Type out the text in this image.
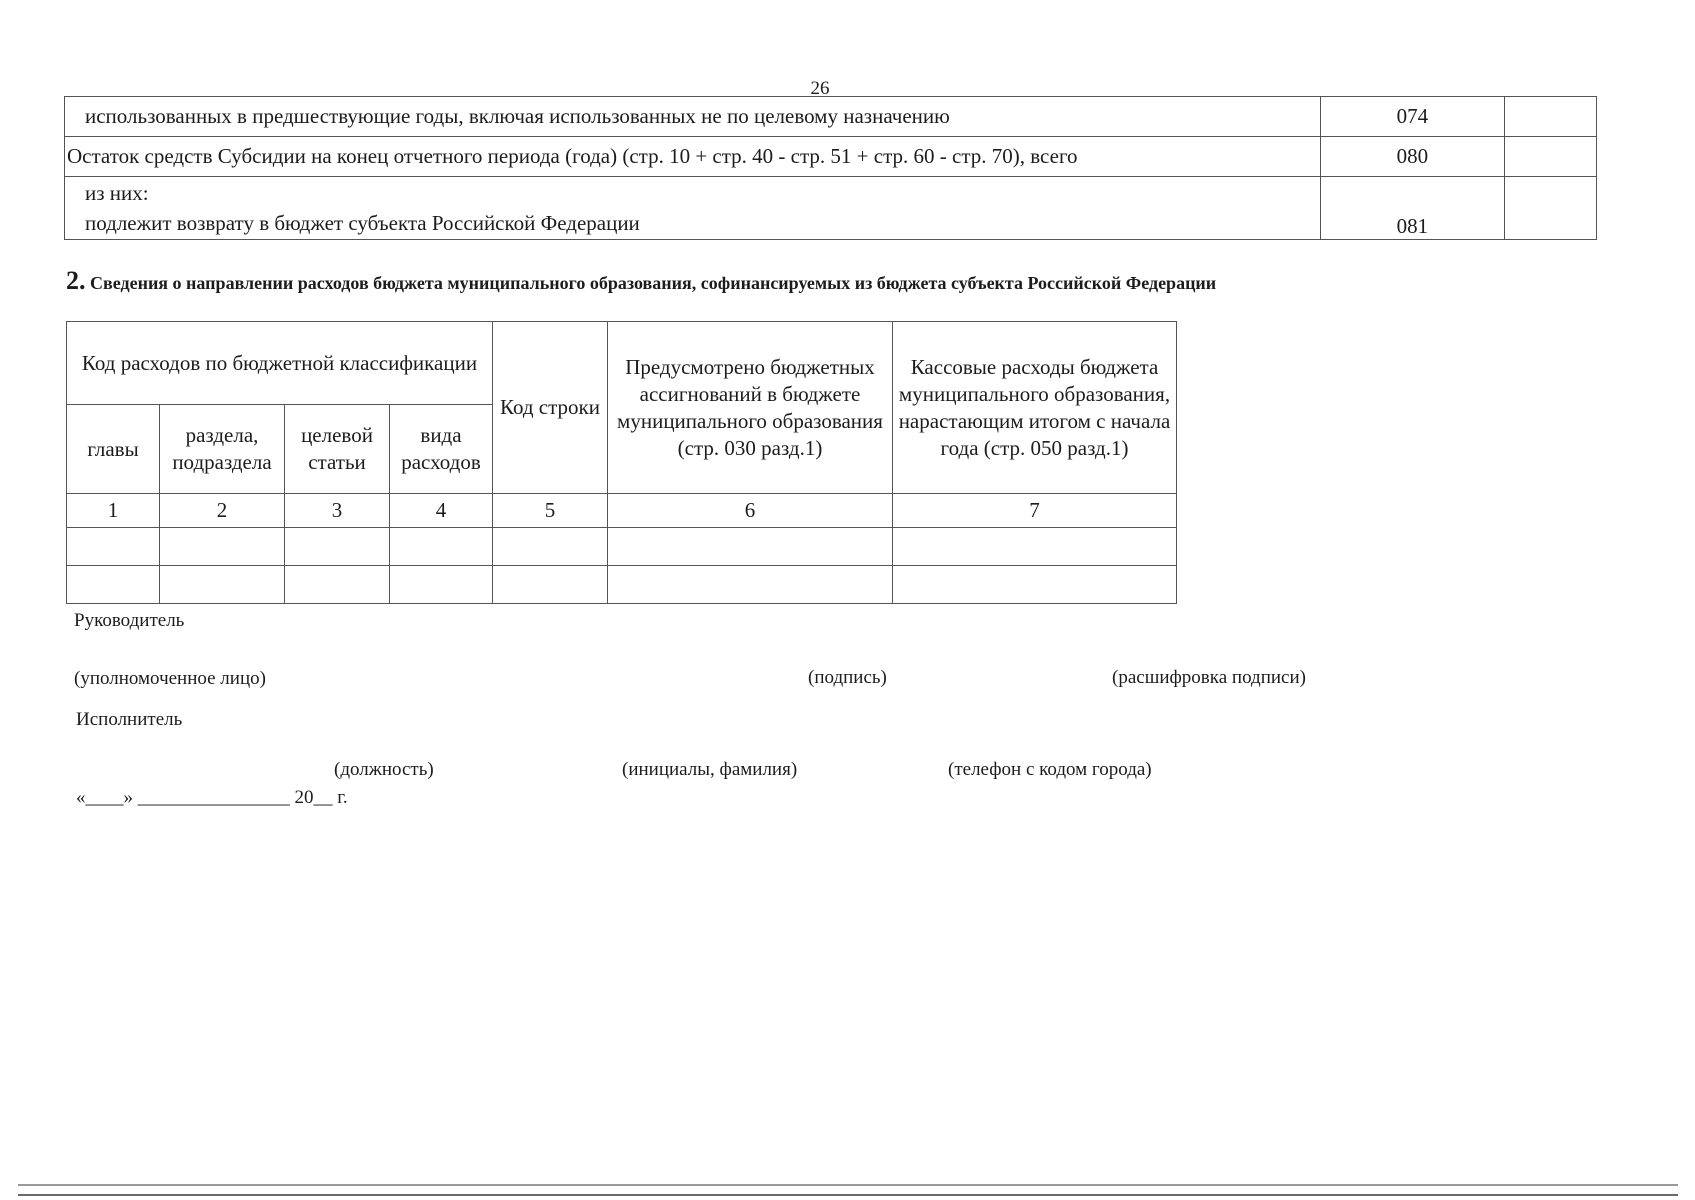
26
использованных в предшествующие годы, включая использованных не по целевому назначению	074	
Остаток средств Субсидии на конец отчетного периода (года) (стр. 10 + стр. 40 - стр. 51 + стр. 60 - стр. 70), всего	080	

из них:
подлежит возврату в бюджет субъекта Российской Федерации	081	
2. Сведения о направлении расходов бюджета муниципального образования, софинансируемых из бюджета субъекта Российской Федерации
Код расходов по бюджетной классификации				Код строки	Предусмотрено бюджетных ассигнований в бюджете муниципального образования (стр. 030 разд.1)	Кассовые расходы бюджета муниципального образования, нарастающим итогом с начала года (стр. 050 разд.1)
главы	раздела, подраздела	целевой статьи	вида расходов			
1	2	3	4	5	6	7

Руководитель
(уполномоченное лицо)	(подпись)	(расшифровка подписи)
Исполнитель
(должность)	(инициалы, фамилия)	(телефон с кодом города)
«____» ________________ 20__ г.
